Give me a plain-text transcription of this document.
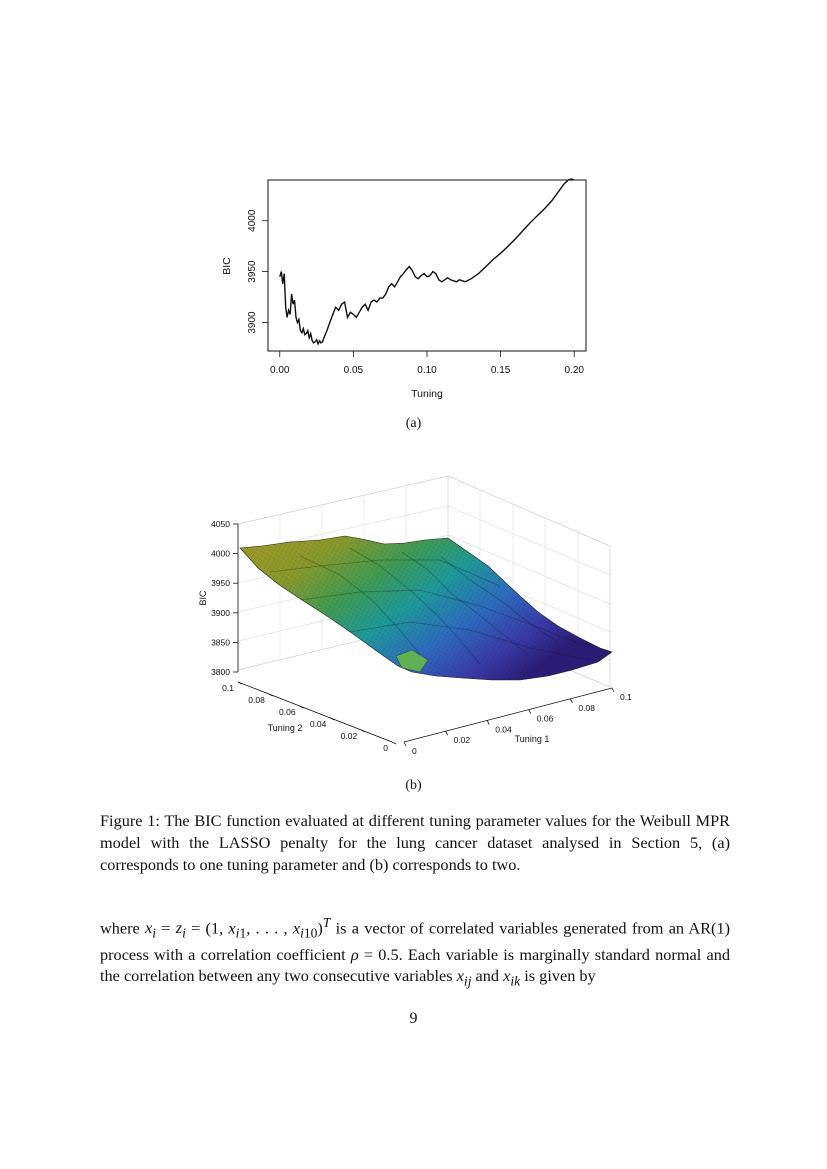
0.00	0.05	0.10	0.15	0.20
3900
3950
4000
Tuning
BIC
(a)
3800
3850
3900
3950
4000
4050
BIC
0
0.02
0.04
0.06
0.08
0.1
Tuning 2
0
0.02
0.04
0.06
0.08
0.1
Tuning 1
(b)
Figure 1: The BIC function evaluated at different tuning parameter values for the Weibull MPR model with the LASSO penalty for the lung cancer dataset analysed in Section 5, (a) corresponds to one tuning parameter and (b) corresponds to two.
where $x_i = z_i = (1$, $x_{i1}$, . . . , $x_{i10})^T$ is a vector of correlated variables generated from an AR(1) process with a correlation coefficient ρ = 0.5. Each variable is marginally standard normal and the correlation between any two consecutive variables $x_{ij}$ and $x_{ik}$ is given by
9
